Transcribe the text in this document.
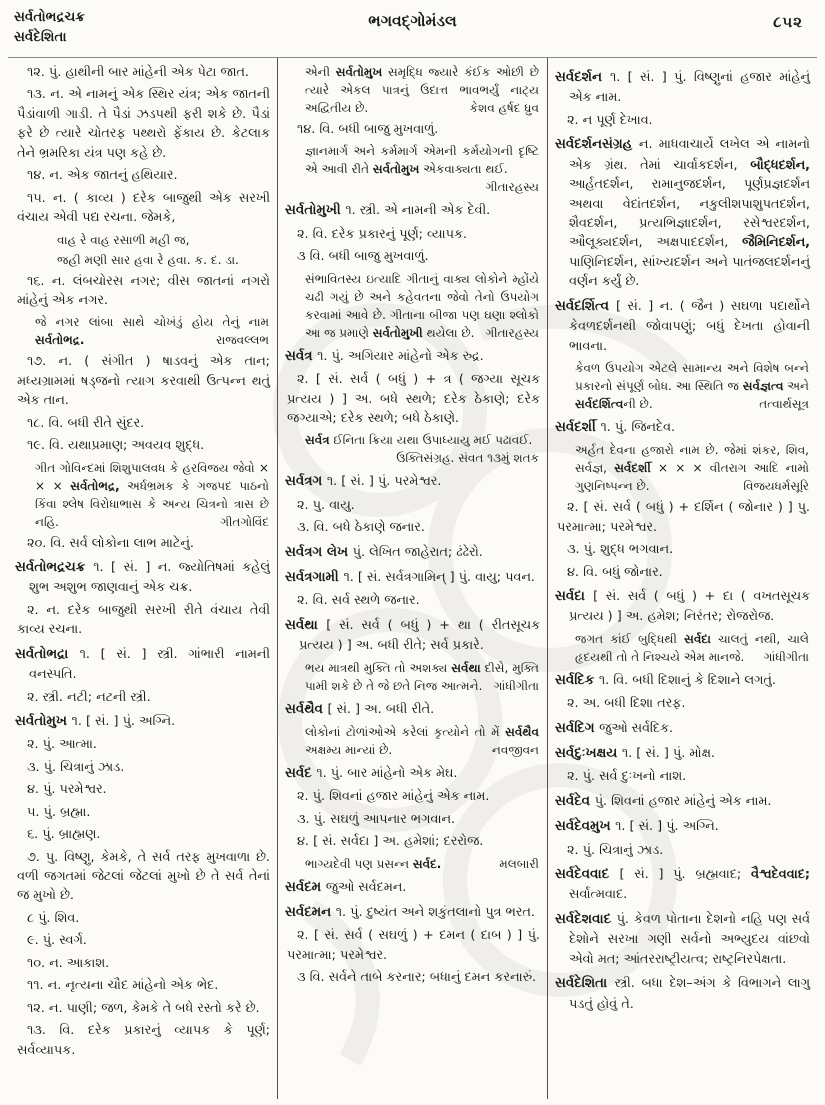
સર્વતોભદ્રચક્ર
સર્વદેશિતા
ભગવદ્ગોમંડલ	૮૫૨

૧૨. પું. હાથીની બાર માંહેની એક પેટા જાત.

૧૩. ન. એ નામનું એક સ્થિર યંત્ર; એક જાતની પૈડાંવાળી ગાડી. તે પૈડાં ઝડપથી ફરી શકે છે. પૈડાં ફરે છે ત્યારે ચોતરફ પથ્થરો ફેંકાય છે. કેટલાક તેને ભ્રમરિકા યંત્ર પણ કહે છે.

૧૪. ન. એક જાતનું હથિયાર.

૧૫. ન. ( કાવ્ય ) દરેક બાજુથી એક સરખી વંચાય એવી પદ્ય રચના. જેમકે,

વાહ રે વાહ રસાળી મહી જ,

જહી મણી સાર હવા રે હવા. ક. દ. ડા.

૧૬. ન. લંબચોરસ નગર; વીસ જાતનાં નગરો માંહેનું એક નગર.

જે નગર લાંબા સાથે ચોખંડું હોય તેનું નામ સર્વતોભદ્ર.	રાજવલ્લભ

૧૭. ન. ( સંગીત ) ષાડવનું એક તાન; મધ્યગ્રામમાં ષડ્જનો ત્યાગ કરવાથી ઉત્પન્ન થતું એક તાન.

૧૮. વિ. બધી રીતે સુંદર.

૧૯. વિ. યથાપ્રમાણ; અવયવ શુદ્ધ.

ગીત ગોવિન્દમાં શિશુપાલવધ કે હરવિજય જેવો × × × સર્વતોભદ્ર, અર્ધભ્રમક કે ગજપદ પાઠનો કિંવા શ્લેષ વિરોધાભાસ કે અન્ય ચિત્રનો ત્રાસ છે નહિ.	ગીતગોવિંદ

૨૦. વિ. સર્વ લોકોના લાભ માટેનું.

સર્વતોભદ્રચક્ર ૧. [ સં. ] ન. જ્યોતિષમાં કહેલું શુભ અશુભ જાણવાનું એક ચક્ર.

૨. ન. દરેક બાજુથી સરખી રીતે વંચાય તેવી કાવ્ય રચના.

સર્વતોભદ્રા ૧. [ સં. ] સ્ત્રી. ગાંભારી નામની વનસ્પતિ.

૨. સ્ત્રી. નટી; નટની સ્ત્રી.

સર્વતોમુખ ૧. [ સં. ] પું. અગ્નિ.

૨. પું. આત્મા.

૩. પું. ચિત્રાનું ઝાડ.

૪. પું. પરમેશ્વર.

૫. પું. બ્રહ્મા.

૬. પું. બ્રાહ્મણ.

૭. પુ. વિષ્ણુ, કેમકે, તે સર્વ તરફ મુખવાળા છે. વળી જગતમાં જેટલાં જેટલાં મુખો છે તે સર્વ તેનાં જ મુખો છે.

૮ પું. શિવ.

૯. પું. સ્વર્ગ.

૧૦. ન. આકાશ.

૧૧. ન. નૃત્યના ચૌદ માંહેનો એક ભેદ.

૧૨. ન. પાણી; જળ, કેમકે તે બધે રસ્તો કરે છે.

૧૩. વિ. દરેક પ્રકારનું વ્યાપક કે પૂર્ણ; સર્વવ્યાપક.

એની સર્વતોમુખ સમૃદ્ધિ જ્યારે કંઈક ઓછી છે ત્યારે એકલ પાત્રનું ઉદાત્ત ભાવભર્યું નાટ્ય અદ્વિતીય છે.	કેશવ હર્ષદ ધ્રુવ

૧૪. વિ. બધી બાજુ મુખવાળું.

જ્ઞાનમાર્ગ અને કર્મમાર્ગ એમની કર્મયોગની દૃષ્ટિ એ આવી રીતે સર્વતોમુખ એકવાક્યતા થઈ.
ગીતારહસ્ય

સર્વતોમુખી ૧. સ્ત્રી. એ નામની એક દેવી.

૨. વિ. દરેક પ્રકારનું પૂર્ણ; વ્યાપક.

૩ વિ. બધી બાજુ મુખવાળું.

સંભાવિતસ્ય ઇત્યાદિ ગીતાનું વાક્ય લોકોને મ્હોંયે ચઢી ગયું છે અને કહેવતના જેવો તેનો ઉપયોગ કરવામાં આવે છે. ગીતાના બીજા પણ ઘણા શ્લોકો આ જ પ્રમાણે સર્વતોમુખી થયેલા છે. ગીતારહસ્ય

સર્વત્ર ૧. પું. અગિયાર માંહેનો એક રુદ્ર.

૨. [ સં. સર્વ ( બધું ) + ત્ર ( જગ્યા સૂચક પ્રત્યય ) ] અ. બધે સ્થળે; દરેક ઠેકાણે; દરેક જગ્યાએ; દરેક સ્થળે; બધે ઠેકાણે.

સર્વત્ર ઈનિતા ક્રિયા યથા ઉપાધ્યાયુ મઈ પઢાવઈ.
ઉક્તિસંગ્રહ. સંવત ૧૩મું શતક

સર્વત્રગ ૧. [ સં. ] પું. પરમેશ્વર.

૨. પુ. વાયુ.

૩. વિ. બધે ઠેકાણે જનાર.

સર્વત્રગ લેખ પું. લેખિત જાહેરાત; ઢંઢેરો.

સર્વત્રગામી ૧. [ સં. સર્વત્રગામિન્ ] પું. વાયુ; પવન.

૨. વિ. સર્વ સ્થળે જનાર.

સર્વથા [ સં. સર્વ ( બધું ) + થા ( રીતસૂચક પ્રત્યય ) ] અ. બધી રીતે; સર્વ પ્રકારે.

ભય માત્રથી મુક્તિ તો અશક્ય સર્વથા દીસે, મુક્તિ પામી શકે છે તે જે છતે નિજ આત્મને. ગાંધીગીતા

સર્વથૈવ [ સં. ] અ. બધી રીતે.

લોકોનાં ટોળાંઓએ કરેલાં કૃત્યોને તો મેં સર્વથૈવ અક્ષમ્ય માન્યાં છે.	નવજીવન

સર્વદ ૧. પું. બાર માંહેનો એક મેઘ.

૨. પું. શિવનાં હજાર માંહેનું એક નામ.

૩. પું. સઘળું આપનાર ભગવાન.

૪. [ સં. સર્વદા ] અ. હમેશાં; દરરોજ.

ભાગ્યદેવી પણ પ્રસન્ન સર્વદ.	મલબારી

સર્વદમ જુઓ સર્વદમન.

સર્વદમન ૧. પું. દુષ્યંત અને શકુંતલાનો પુત્ર ભરત.

૨. [ સં. સર્વ ( સઘળું ) + દમન ( દાબ ) ] પું. પરમાત્મા; પરમેશ્વર.

૩ વિ. સર્વને તાબે કરનાર; બધાનું દમન કરનારું.

સર્વદર્શન ૧. [ સં. ] પું. વિષ્ણુનાં હજાર માંહેનું એક નામ.

૨. ન પૂર્ણ દેખાવ.

સર્વદર્શનસંગ્રહ ન. માધવાચાર્યે લખેલ એ નામનો એક ગ્રંથ. તેમાં ચાર્વાકદર્શન, બૌદ્ધદર્શન, આર્હતદર્શન, રામાનુજદર્શન, પૂર્ણપ્રજ્ઞદર્શન અથવા વેદાંતદર્શન, નકુલીશપાશુપતદર્શન, શૈવદર્શન, પ્રત્યભિજ્ઞાદર્શન, રસેશ્વરદર્શન, ઔલૂક્યદર્શન, અક્ષપાદદર્શન, જૈમિનિદર્શન, પાણિનિદર્શન, સાંખ્યદર્શન અને પાતંજલદર્શનનું વર્ણન કર્યું છે.

સર્વદર્શિત્વ [ સં. ] ન. ( જૈન ) સઘળા પદાર્થોને કેવળદર્શનથી જોવાપણું; બધું દેખતા હોવાની ભાવના.

કેવળ ઉપયોગ એટલે સામાન્ય અને વિશેષ બન્ને પ્રકારનો સંપૂર્ણ બોધ. આ સ્થિતિ જ સર્વજ્ઞત્વ અને સર્વદર્શિત્વની છે.	તત્વાર્થસૂત્ર

સર્વદર્શી ૧. પું. જિનદેવ.

અર્હત દેવના હજારો નામ છે. જેમાં શંકર, શિવ, સર્વજ્ઞ, સર્વદર્શી × × × વીતરાગ આદિ નામો ગુણનિષ્પન્ન છે.	વિજયધર્મસૂરિ

૨. [ સં. સર્વ ( બધું ) + દર્શિન ( જોનાર ) ] પુ. પરમાત્મા; પરમેશ્વર.

૩. પું. શુદ્ધ ભગવાન.

૪. વિ. બધું જોનાર.

સર્વદા [ સં. સર્વ ( બધું ) + દા ( વખતસૂચક પ્રત્યય ) ] અ. હમેશ; નિરંતર; રોજરોજ.

જગત કાંઈ બુદ્ધિથી સર્વદા ચાલતું નથી, ચાલે હૃદયથી તો તે નિશ્ચયે એમ માનજે.	ગાંધીગીતા

સર્વદિક ૧. વિ. બધી દિશાનું કે દિશાને લગતું.

૨. અ. બધી દિશા તરફ.

સર્વદિગ જુઓ સર્વદિક.

સર્વદુઃખક્ષય ૧. [ સં. ] પું. મોક્ષ.

૨. પું. સર્વ દુઃખનો નાશ.

સર્વદેવ પું. શિવનાં હજાર માંહેનું એક નામ.

સર્વદેવમુખ ૧. [ સં. ] પું. અગ્નિ.

૨. પું. ચિત્રાનું ઝાડ.

સર્વદેવવાદ [ સં. ] પું. બ્રહ્મવાદ; વૈશ્વદેવવાદ; સર્વાત્મવાદ.

સર્વદેશવાદ પું. કેવળ પોતાના દેશનો નહિ પણ સર્વ દેશોને સરખા ગણી સર્વનો અભ્યુદય વાંછવો એવો મત; આંતરરાષ્ટ્રીયત્વ; રાષ્ટ્રનિરપેક્ષતા.

સર્વદેશિતા સ્ત્રી. બધા દેશ–અંગ કે વિભાગને લાગુ પડતું હોવું તે.
